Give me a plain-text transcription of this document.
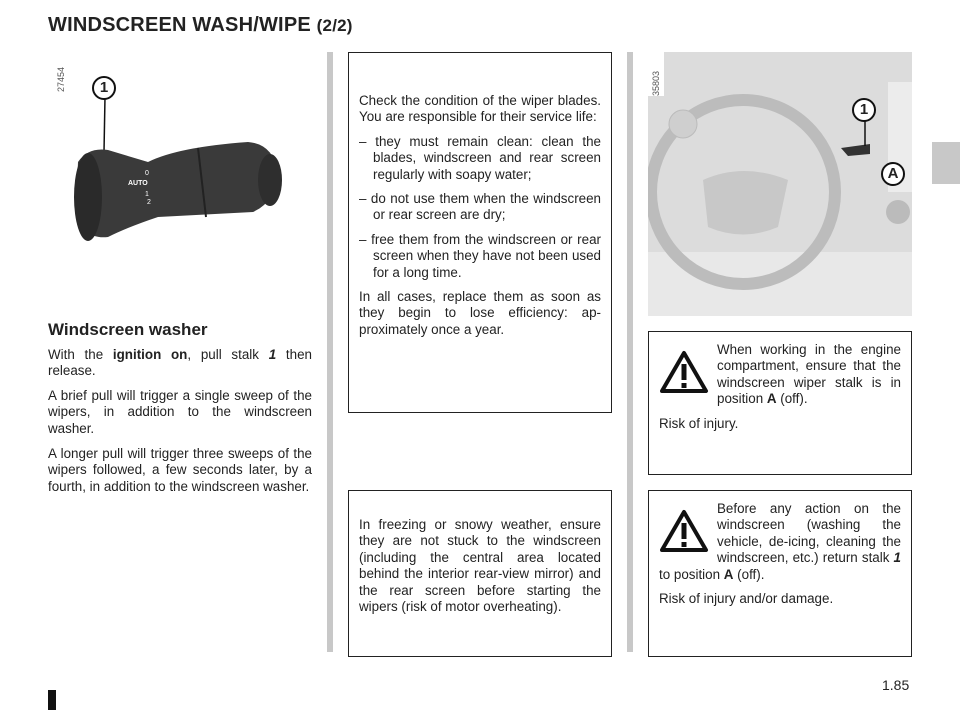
WINDSCREEN WASH/WIPE (2/2)
27454	1
AUTO
0
1
2
Windscreen washer

With the ignition on, pull stalk 1 then release.

A brief pull will trigger a single sweep of the wipers, in addition to the windscreen washer.

A longer pull will trigger three sweeps of the wipers followed, a few seconds later, by a fourth, in addition to the windscreen washer.

Check the condition of the wiper blades. You are responsible for their service life:

– they must remain clean: clean the blades, windscreen and rear screen regularly with soapy water;

– do not use them when the windscreen or rear screen are dry;

– free them from the windscreen or rear screen when they have not been used for a long time.

In all cases, replace them as soon as they begin to lose efficiency: approximately once a year.

In freezing or snowy weather, ensure they are not stuck to the windscreen (including the central area located behind the interior rear-view mirror) and the rear screen before starting the wipers (risk of motor overheating).

35803
1
A

When working in the engine compartment, ensure that the windscreen wiper stalk is in position A (off).

Risk of injury.

Before any action on the windscreen (washing the vehicle, de-icing, cleaning the windscreen, etc.) return stalk 1 to position A (off).

Risk of injury and/or damage.

1.85
